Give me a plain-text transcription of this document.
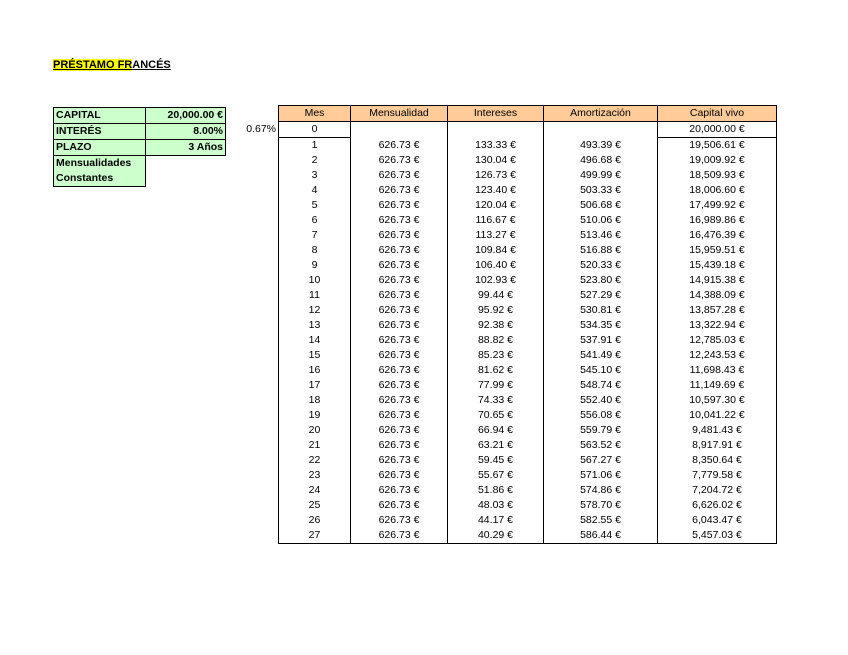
PRÉSTAMO FRANCÉS
CAPITAL	20,000.00 €
INTERÉS	8.00%
PLAZO	3 Años
Mensualidades	
Constantes	
0.67%
Mes	Mensualidad	Intereses	Amortización	Capital vivo
0				20,000.00 €
1	626.73 €	133.33 €	493.39 €	19,506.61 €
2	626.73 €	130.04 €	496.68 €	19,009.92 €
3	626.73 €	126.73 €	499.99 €	18,509.93 €
4	626.73 €	123.40 €	503.33 €	18,006.60 €
5	626.73 €	120.04 €	506.68 €	17,499.92 €
6	626.73 €	116.67 €	510.06 €	16,989.86 €
7	626.73 €	113.27 €	513.46 €	16,476.39 €
8	626.73 €	109.84 €	516.88 €	15,959.51 €
9	626.73 €	106.40 €	520.33 €	15,439.18 €
10	626.73 €	102.93 €	523.80 €	14,915.38 €
11	626.73 €	99.44 €	527.29 €	14,388.09 €
12	626.73 €	95.92 €	530.81 €	13,857.28 €
13	626.73 €	92.38 €	534.35 €	13,322.94 €
14	626.73 €	88.82 €	537.91 €	12,785.03 €
15	626.73 €	85.23 €	541.49 €	12,243.53 €
16	626.73 €	81.62 €	545.10 €	11,698.43 €
17	626.73 €	77.99 €	548.74 €	11,149.69 €
18	626.73 €	74.33 €	552.40 €	10,597.30 €
19	626.73 €	70.65 €	556.08 €	10,041.22 €
20	626.73 €	66.94 €	559.79 €	9,481.43 €
21	626.73 €	63.21 €	563.52 €	8,917.91 €
22	626.73 €	59.45 €	567.27 €	8,350.64 €
23	626.73 €	55.67 €	571.06 €	7,779.58 €
24	626.73 €	51.86 €	574.86 €	7,204.72 €
25	626.73 €	48.03 €	578.70 €	6,626.02 €
26	626.73 €	44.17 €	582.55 €	6,043.47 €
27	626.73 €	40.29 €	586.44 €	5,457.03 €
